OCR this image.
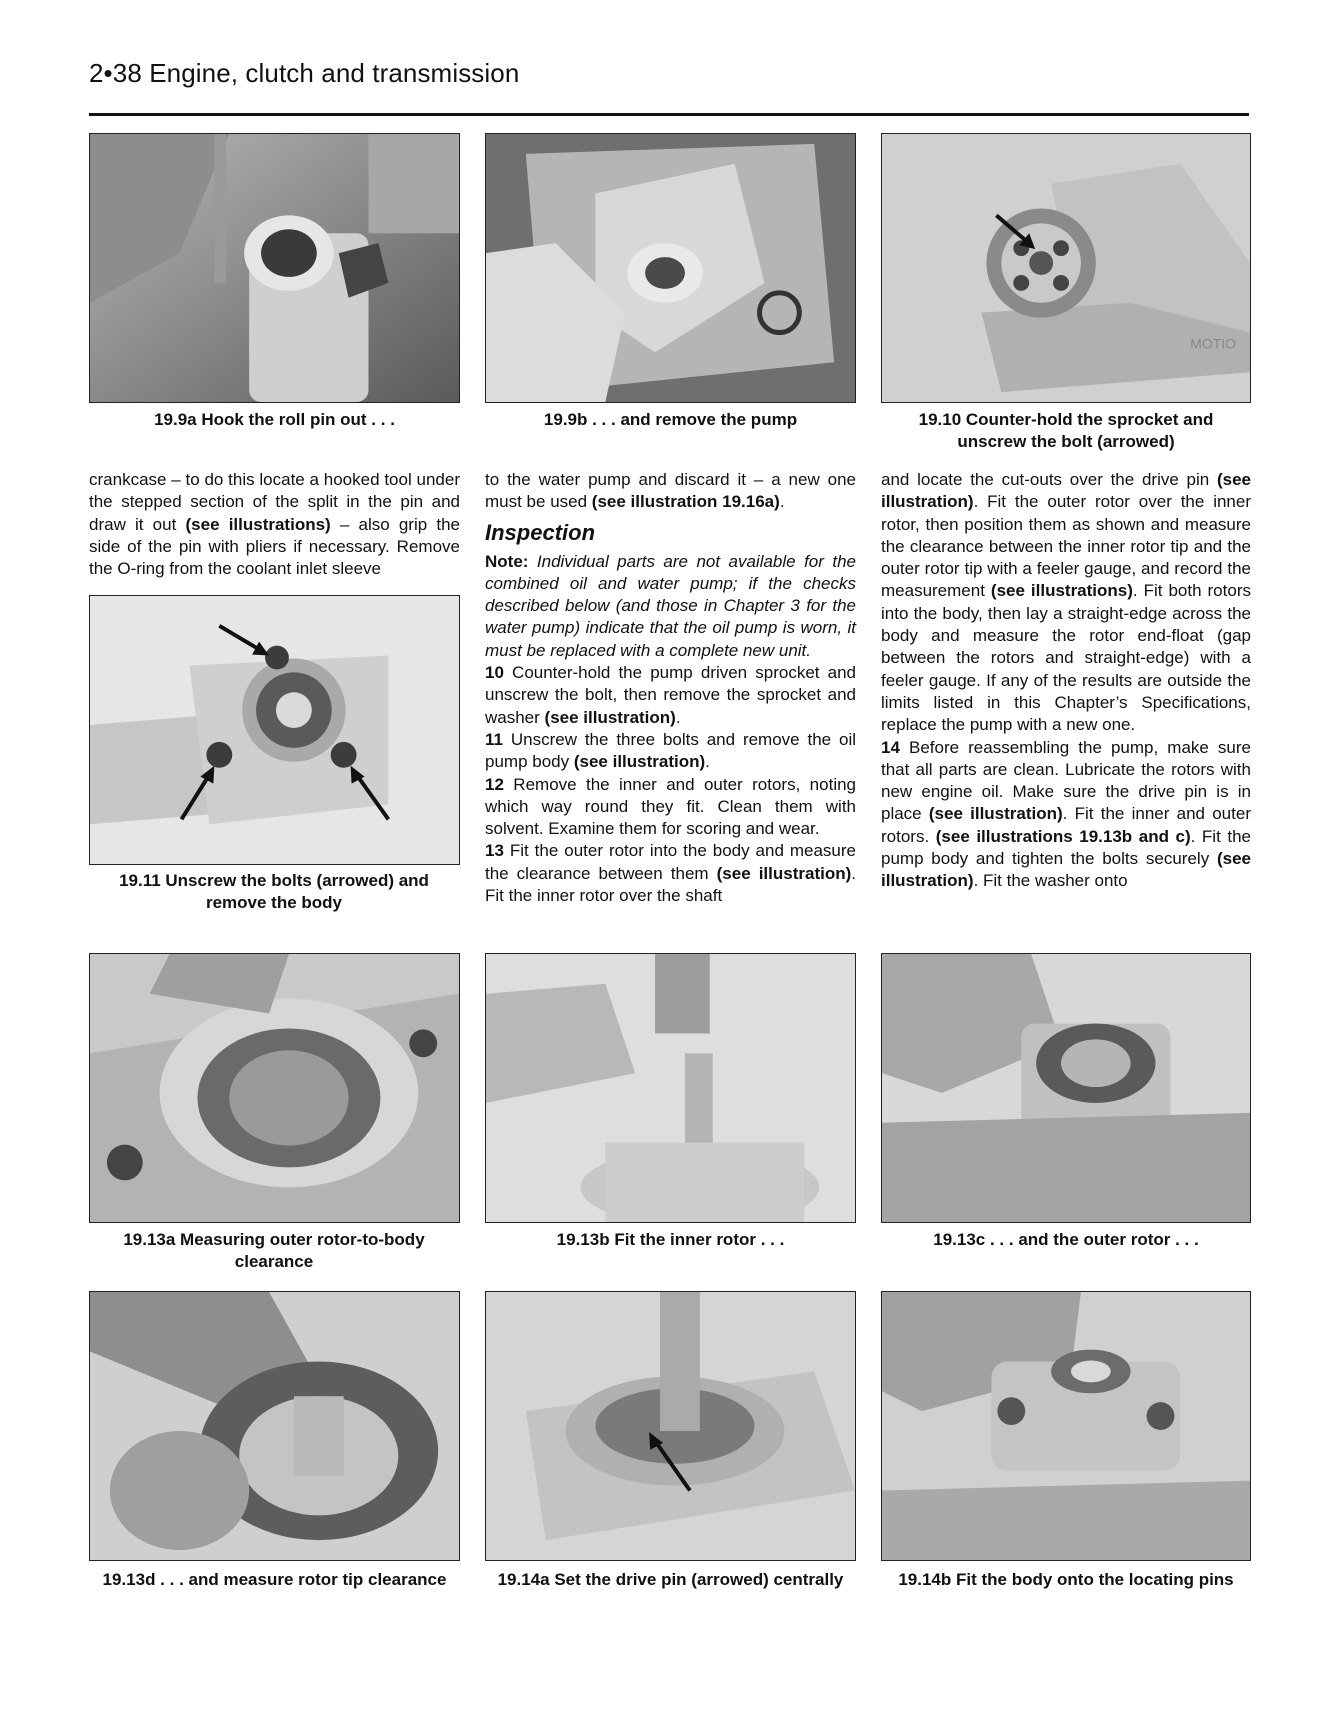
2•38 Engine, clutch and transmission
MOTIO
19.9a Hook the roll pin out . . .	19.9b . . . and remove the pump	19.10 Counter-hold the sprocket and unscrew the bolt (arrowed)

crankcase – to do this locate a hooked tool under the stepped section of the split in the pin and draw it out (see illustrations) – also grip the side of the pin with pliers if necessary. Remove the O-ring from the coolant inlet sleeve

19.11 Unscrew the bolts (arrowed) and remove the body

to the water pump and discard it – a new one must be used (see illustration 19.16a).

Inspection

Note: Individual parts are not available for the combined oil and water pump; if the checks described below (and those in Chapter 3 for the water pump) indicate that the oil pump is worn, it must be replaced with a complete new unit.

10 Counter-hold the pump driven sprocket and unscrew the bolt, then remove the sprocket and washer (see illustration).

11 Unscrew the three bolts and remove the oil pump body (see illustration).

12 Remove the inner and outer rotors, noting which way round they fit. Clean them with solvent. Examine them for scoring and wear.

13 Fit the outer rotor into the body and measure the clearance between them (see illustration). Fit the inner rotor over the shaft

and locate the cut-outs over the drive pin (see illustration). Fit the outer rotor over the inner rotor, then position them as shown and measure the clearance between the inner rotor tip and the outer rotor tip with a feeler gauge, and record the measurement (see illustrations). Fit both rotors into the body, then lay a straight-edge across the body and measure the rotor end-float (gap between the rotors and straight-edge) with a feeler gauge. If any of the results are outside the limits listed in this Chapter’s Specifications, replace the pump with a new one.

14 Before reassembling the pump, make sure that all parts are clean. Lubricate the rotors with new engine oil. Make sure the drive pin is in place (see illustration). Fit the inner and outer rotors. (see illustrations 19.13b and c). Fit the pump body and tighten the bolts securely (see illustration). Fit the washer onto

19.13a Measuring outer rotor-to-body clearance
19.13b Fit the inner rotor . . .	19.13c . . . and the outer rotor . . .
19.13d . . . and measure rotor tip clearance	19.14a Set the drive pin (arrowed) centrally	19.14b Fit the body onto the locating pins
